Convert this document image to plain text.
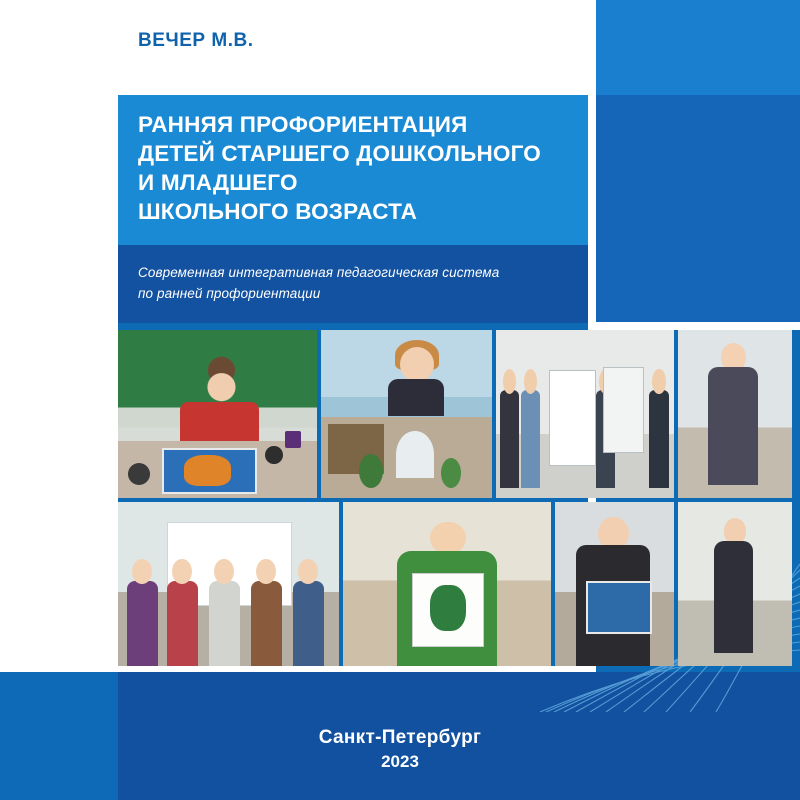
ВЕЧЕР М.В.
РАННЯЯ ПРОФОРИЕНТАЦИЯ
ДЕТЕЙ СТАРШЕГО ДОШКОЛЬНОГО
И МЛАДШЕГО
ШКОЛЬНОГО ВОЗРАСТА
Современная интегративная педагогическая система
по ранней профориентации
Санкт-Петербург
2023
